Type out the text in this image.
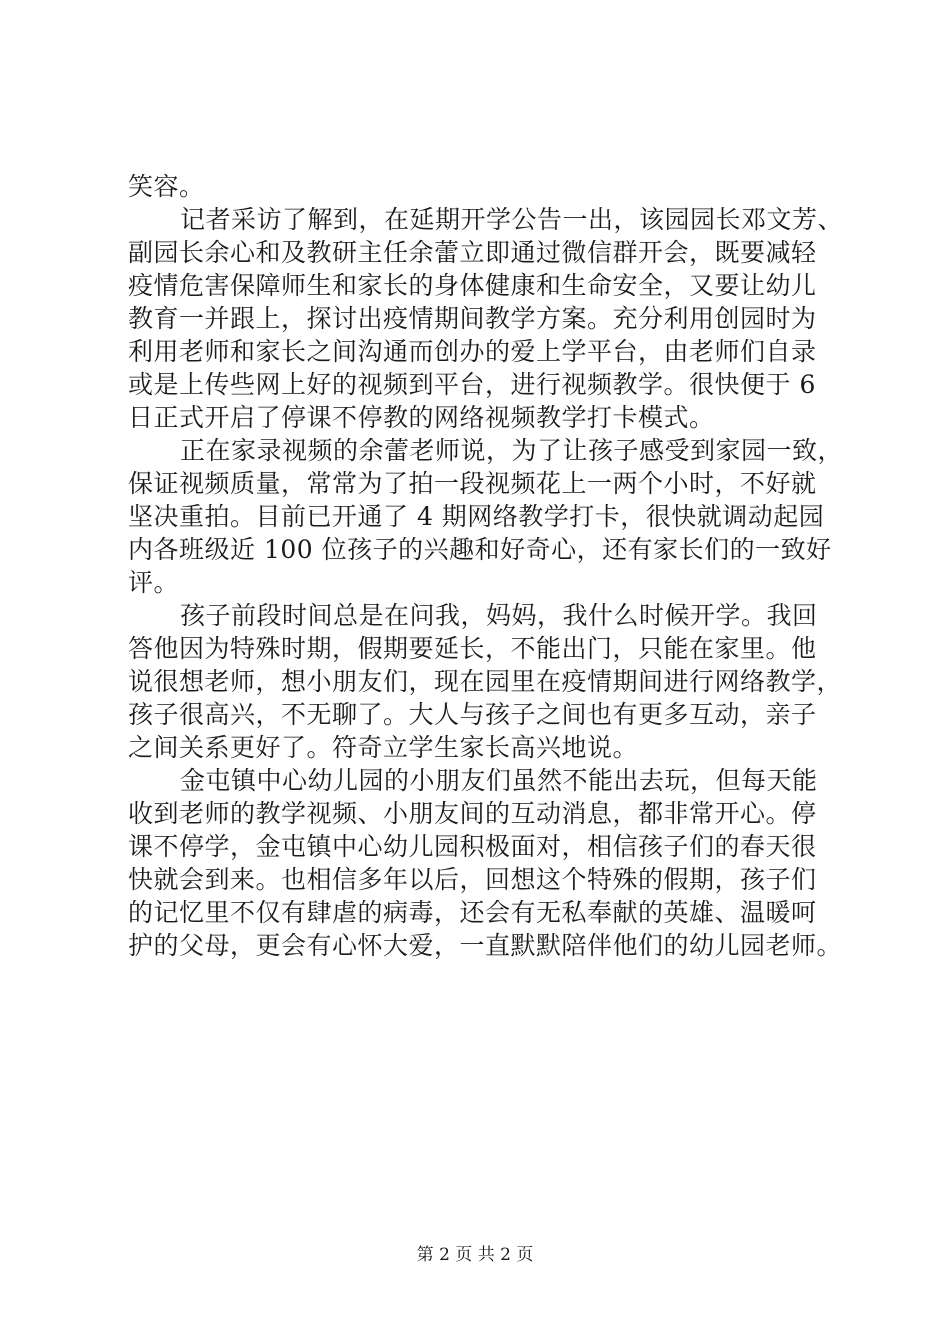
笑容。
记者采访了解到，在延期开学公告一出，该园园长邓文芳、
副园长余心和及教研主任余蕾立即通过微信群开会，既要减轻
疫情危害保障师生和家长的身体健康和生命安全，又要让幼儿
教育一并跟上，探讨出疫情期间教学方案。充分利用创园时为
利用老师和家长之间沟通而创办的爱上学平台，由老师们自录
或是上传些网上好的视频到平台，进行视频教学。很快便于 6
日正式开启了停课不停教的网络视频教学打卡模式。
正在家录视频的余蕾老师说，为了让孩子感受到家园一致，
保证视频质量，常常为了拍一段视频花上一两个小时，不好就
坚决重拍。目前已开通了 4 期网络教学打卡，很快就调动起园
内各班级近 100 位孩子的兴趣和好奇心，还有家长们的一致好
评。
孩子前段时间总是在问我，妈妈，我什么时候开学。我回
答他因为特殊时期，假期要延长，不能出门，只能在家里。他
说很想老师，想小朋友们，现在园里在疫情期间进行网络教学，
孩子很高兴，不无聊了。大人与孩子之间也有更多互动，亲子
之间关系更好了。符奇立学生家长高兴地说。
金屯镇中心幼儿园的小朋友们虽然不能出去玩，但每天能
收到老师的教学视频、小朋友间的互动消息，都非常开心。停
课不停学，金屯镇中心幼儿园积极面对，相信孩子们的春天很
快就会到来。也相信多年以后，回想这个特殊的假期，孩子们
的记忆里不仅有肆虐的病毒，还会有无私奉献的英雄、温暖呵
护的父母，更会有心怀大爱，一直默默陪伴他们的幼儿园老师。
第 2 页 共 2 页
